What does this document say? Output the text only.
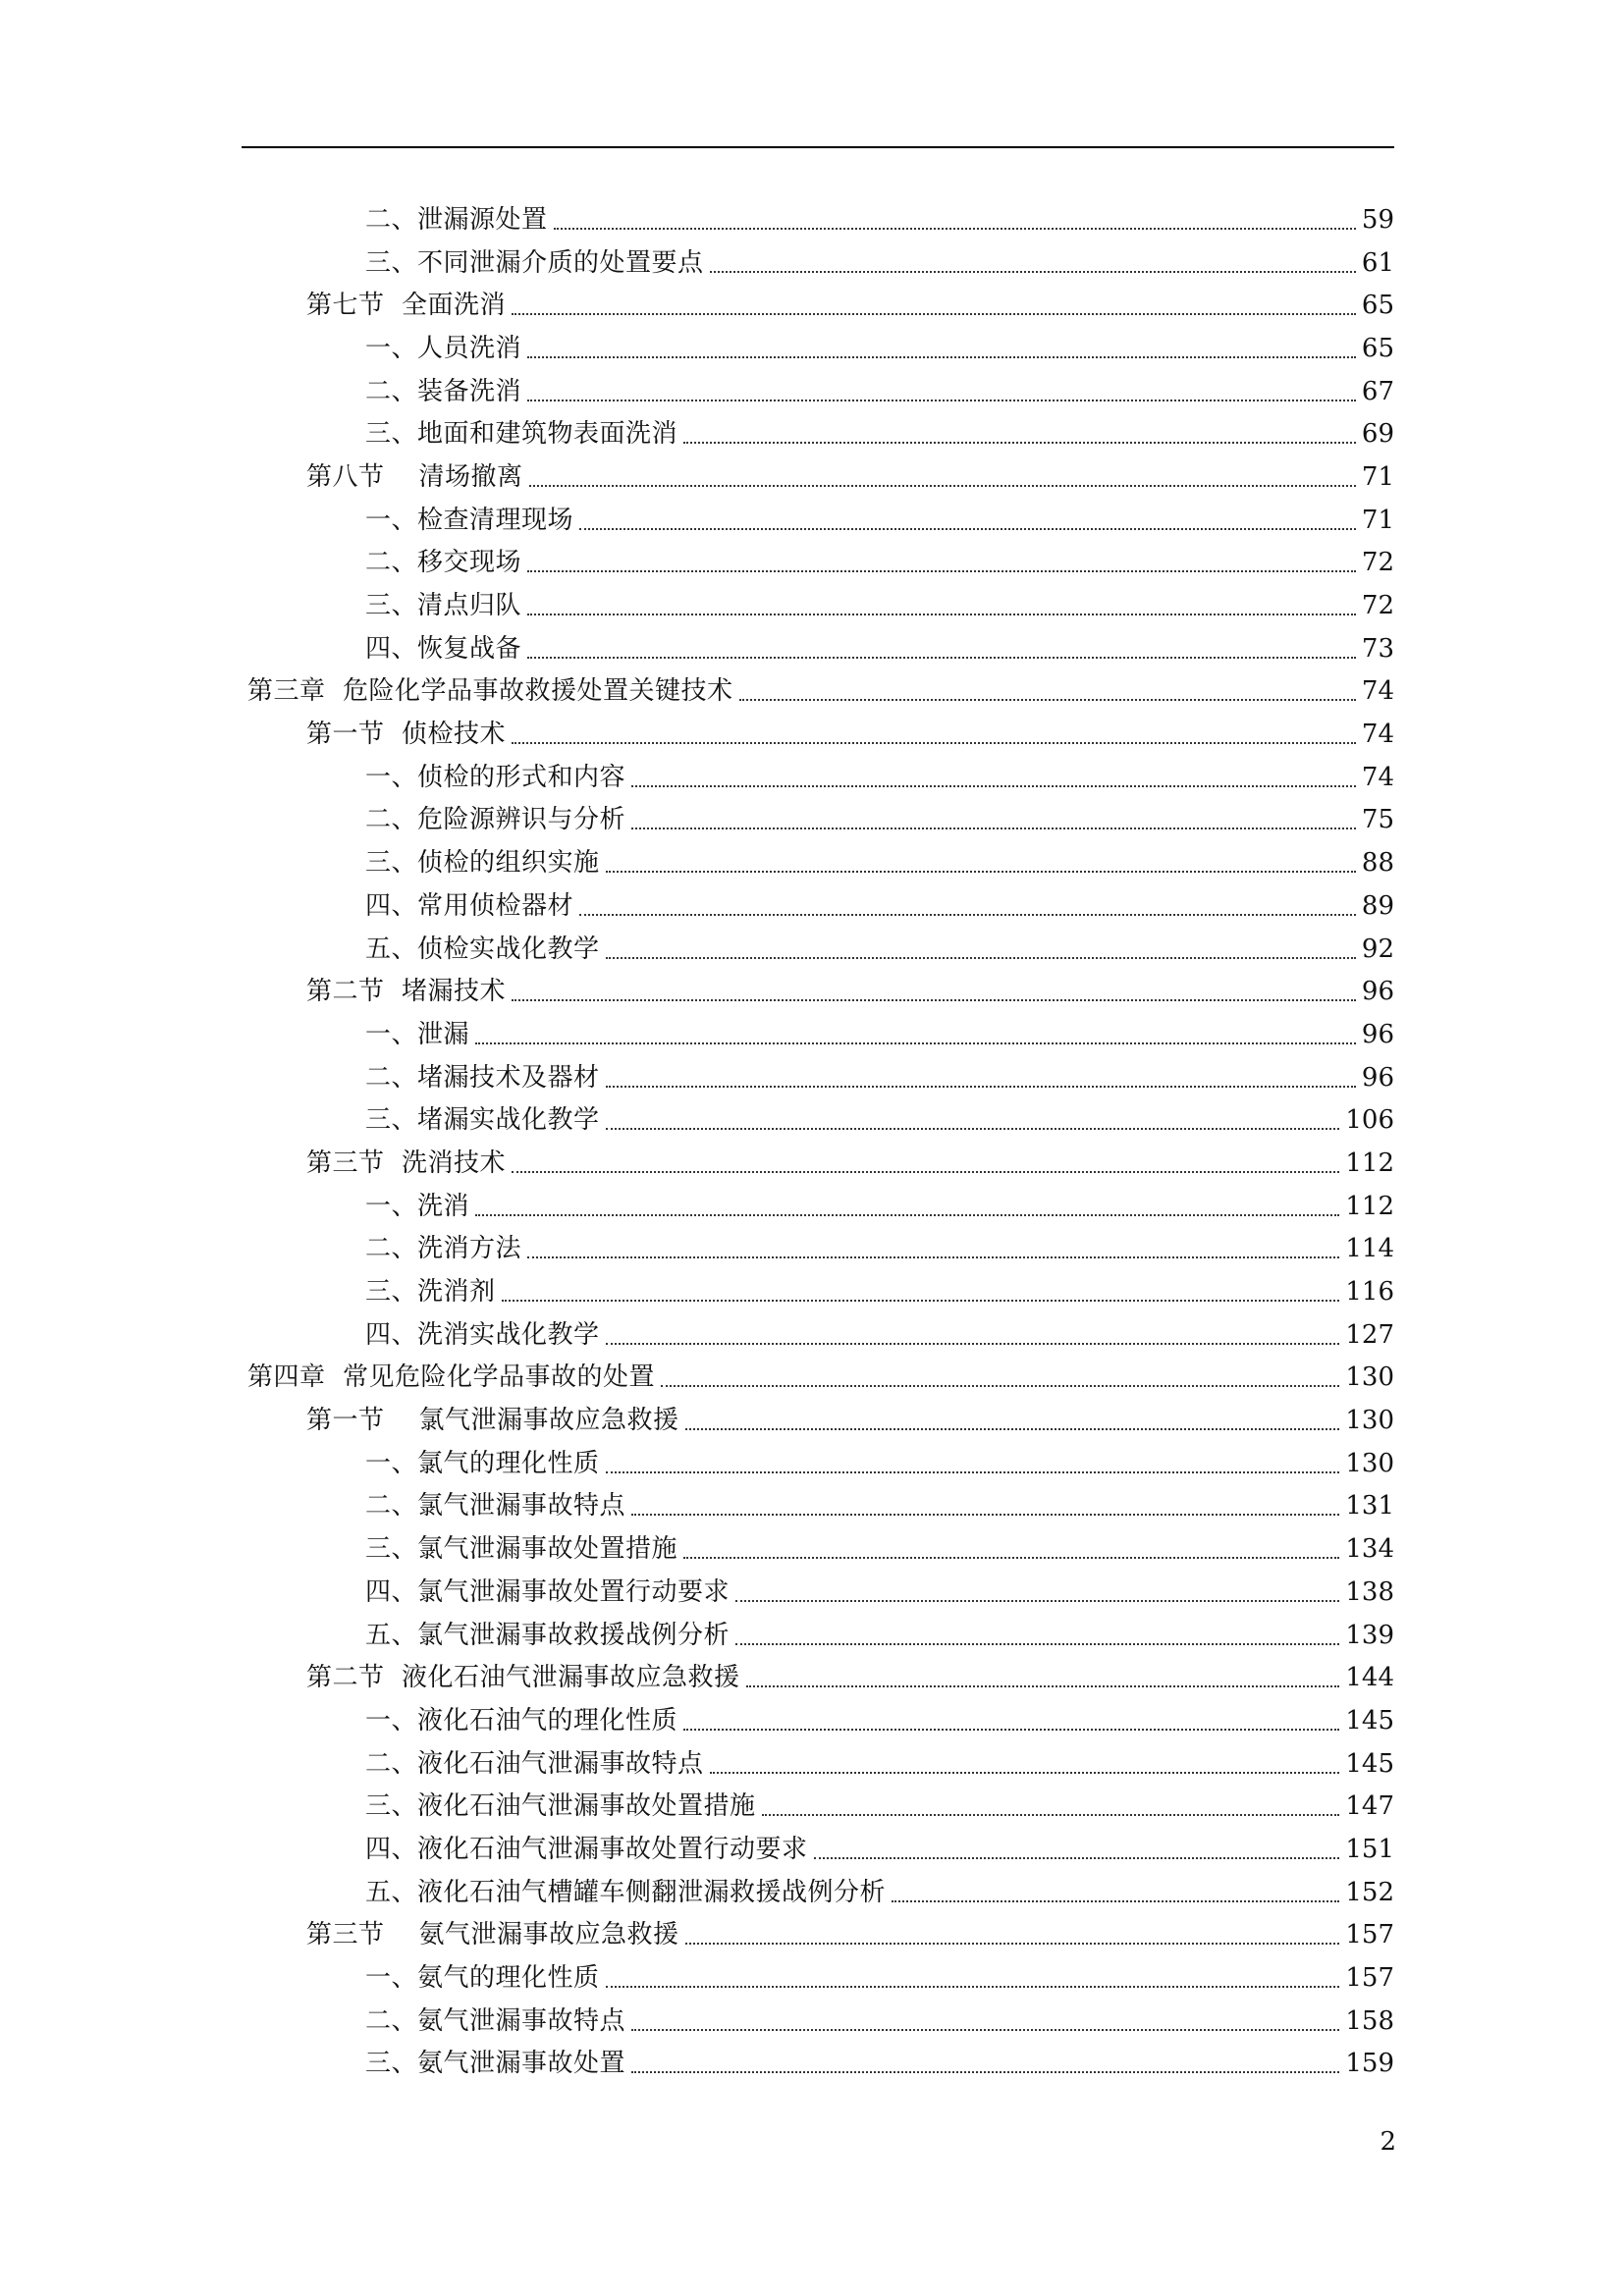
二、泄漏源处置	59
三、不同泄漏介质的处置要点	61
第七节  全面洗消	65
一、人员洗消	65
二、装备洗消	67
三、地面和建筑物表面洗消	69
第八节    清场撤离	71
一、检查清理现场	71
二、移交现场	72
三、清点归队	72
四、恢复战备	73
第三章  危险化学品事故救援处置关键技术	74
第一节  侦检技术	74
一、侦检的形式和内容	74
二、危险源辨识与分析	75
三、侦检的组织实施	88
四、常用侦检器材	89
五、侦检实战化教学	92
第二节  堵漏技术	96
一、泄漏	96
二、堵漏技术及器材	96
三、堵漏实战化教学	106
第三节  洗消技术	112
一、洗消	112
二、洗消方法	114
三、洗消剂	116
四、洗消实战化教学	127
第四章  常见危险化学品事故的处置	130
第一节    氯气泄漏事故应急救援	130
一、氯气的理化性质	130
二、氯气泄漏事故特点	131
三、氯气泄漏事故处置措施	134
四、氯气泄漏事故处置行动要求	138
五、氯气泄漏事故救援战例分析	139
第二节  液化石油气泄漏事故应急救援	144
一、液化石油气的理化性质	145
二、液化石油气泄漏事故特点	145
三、液化石油气泄漏事故处置措施	147
四、液化石油气泄漏事故处置行动要求	151
五、液化石油气槽罐车侧翻泄漏救援战例分析	152
第三节    氨气泄漏事故应急救援	157
一、氨气的理化性质	157
二、氨气泄漏事故特点	158
三、氨气泄漏事故处置	159
2
